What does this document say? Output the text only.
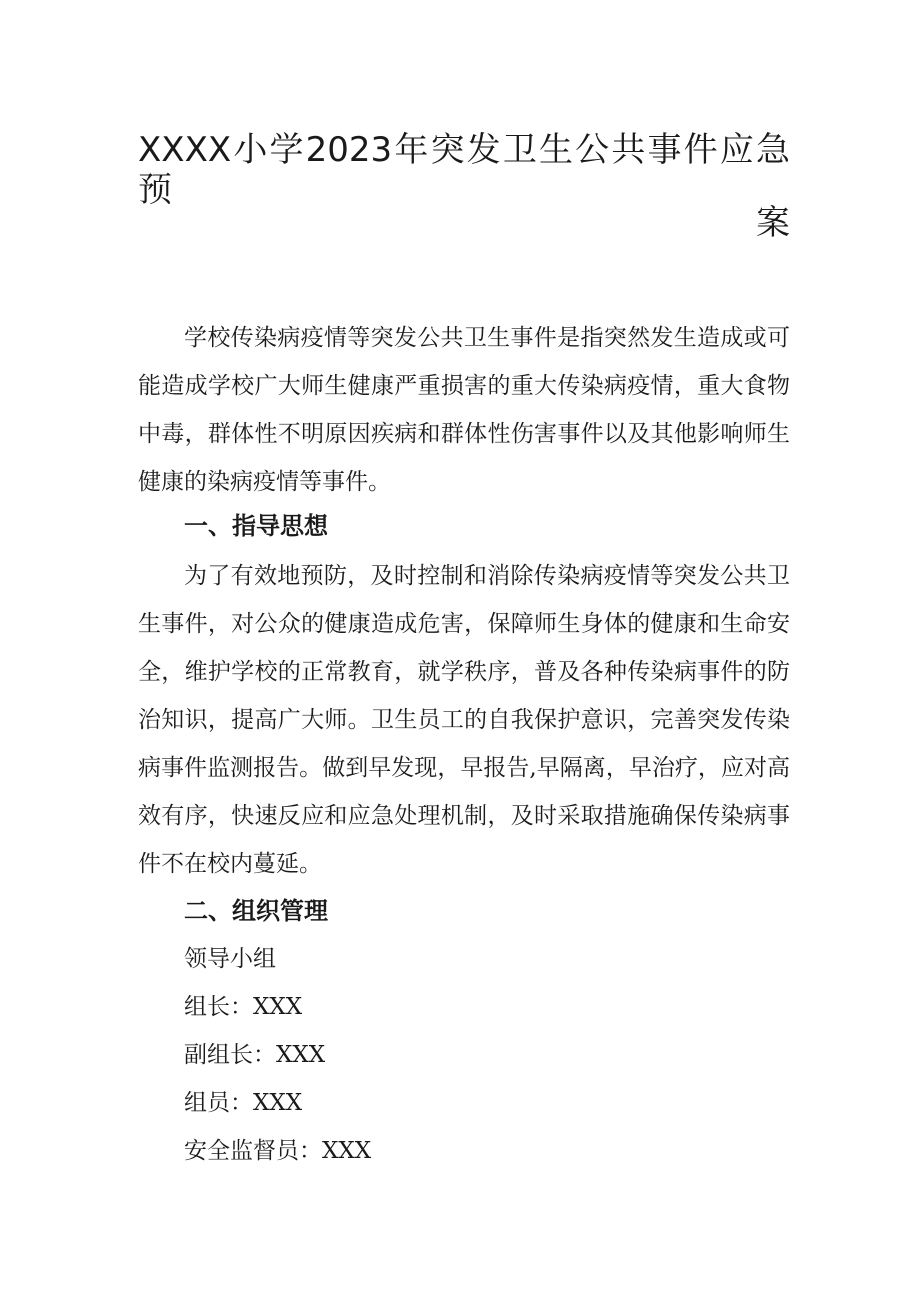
XXXX小学2023年突发卫生公共事件应急预
案

学校传染病疫情等突发公共卫生事件是指突然发生造成或可能造成学校广大师生健康严重损害的重大传染病疫情，重大食物中毒，群体性不明原因疾病和群体性伤害事件以及其他影响师生健康的染病疫情等事件。

一、指导思想

为了有效地预防，及时控制和消除传染病疫情等突发公共卫生事件，对公众的健康造成危害，保障师生身体的健康和生命安全，维护学校的正常教育，就学秩序，普及各种传染病事件的防治知识，提高广大师。卫生员工的自我保护意识，完善突发传染病事件监测报告。做到早发现，早报告,早隔离，早治疗，应对高效有序，快速反应和应急处理机制，及时采取措施确保传染病事件不在校内蔓延。

二、组织管理
领导小组
组长：XXX
副组长：XXX
组员：XXX
安全监督员：XXX
